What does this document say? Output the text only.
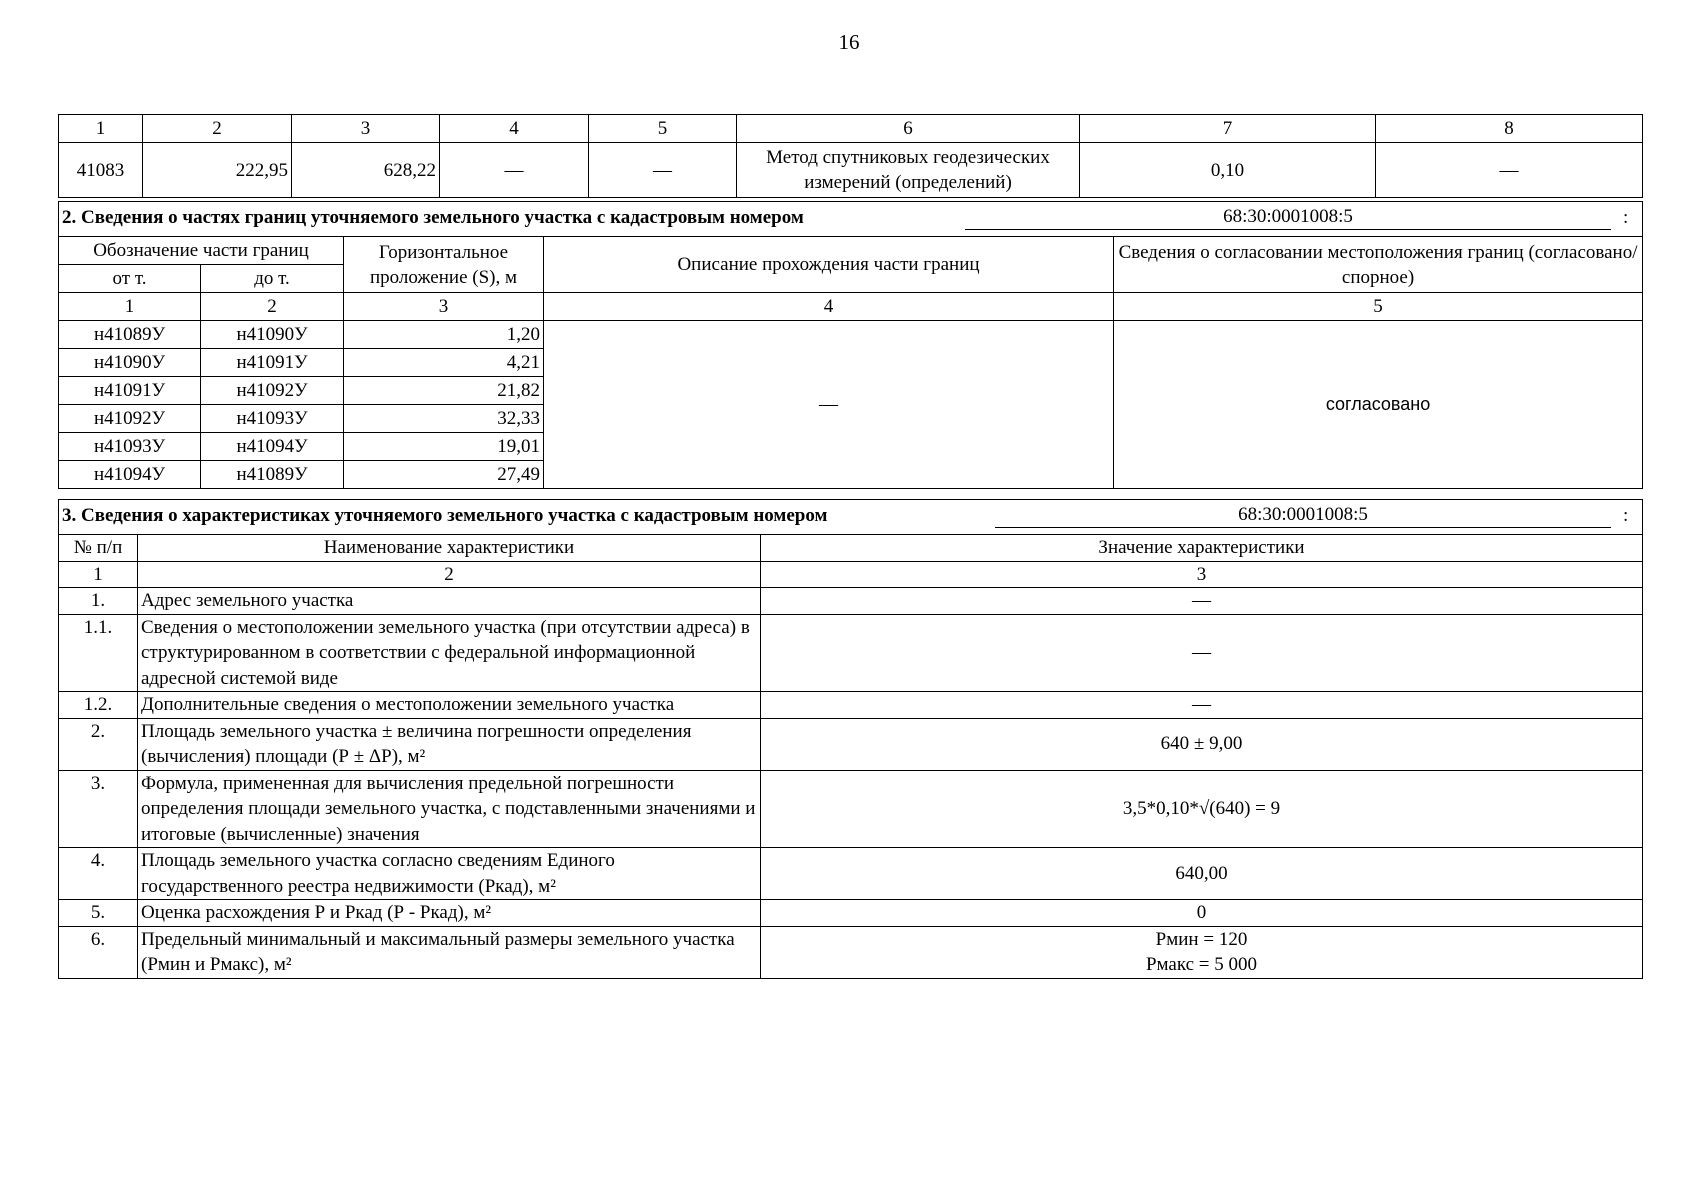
16
1	2	3	4	5	6	7	8
41083	222,95	628,22	—	—	Метод спутниковых геодезических измерений (определений)	0,10	—
2. Сведения о частях границ уточняемого земельного участка с кадастровым номером 68:30:0001008:5 :				

Обозначение части границ		Горизонтальное проложение (S), м	Описание прохождения части границ	Сведения о согласовании местоположения границ (согласовано/спорное)
от т.	до т.			
1	2	3	4	5
н41089У	н41090У	1,20	—	согласовано
н41090У	н41091У	4,21		
н41091У	н41092У	21,82		
н41092У	н41093У	32,33		
н41093У	н41094У	19,01		
н41094У	н41089У	27,49		
3. Сведения о характеристиках уточняемого земельного участка с кадастровым номером 68:30:0001008:5 :		

№ п/п	Наименование характеристики	Значение характеристики
1	2	3
1.	Адрес земельного участка	—
1.1.	Сведения о местоположении земельного участка (при отсутствии адреса) в структурированном в соответствии с федеральной информационной адресной системой виде	—
1.2.	Дополнительные сведения о местоположении земельного участка	—
2.	Площадь земельного участка ± величина погрешности определения (вычисления) площади (Р ± ΔР), м²	640 ± 9,00
3.	Формула, примененная для вычисления предельной погрешности определения площади земельного участка, с подставленными значениями и итоговые (вычисленные) значения	3,5*0,10*√(640) = 9
4.	Площадь земельного участка согласно сведениям Единого государственного реестра недвижимости (Ркад), м²	640,00
5.	Оценка расхождения Р и Ркад (Р - Ркад), м²	0
6.	Предельный минимальный и максимальный размеры земельного участка (Рмин и Рмакс), м²	Рмин = 120
Рмакс = 5 000
